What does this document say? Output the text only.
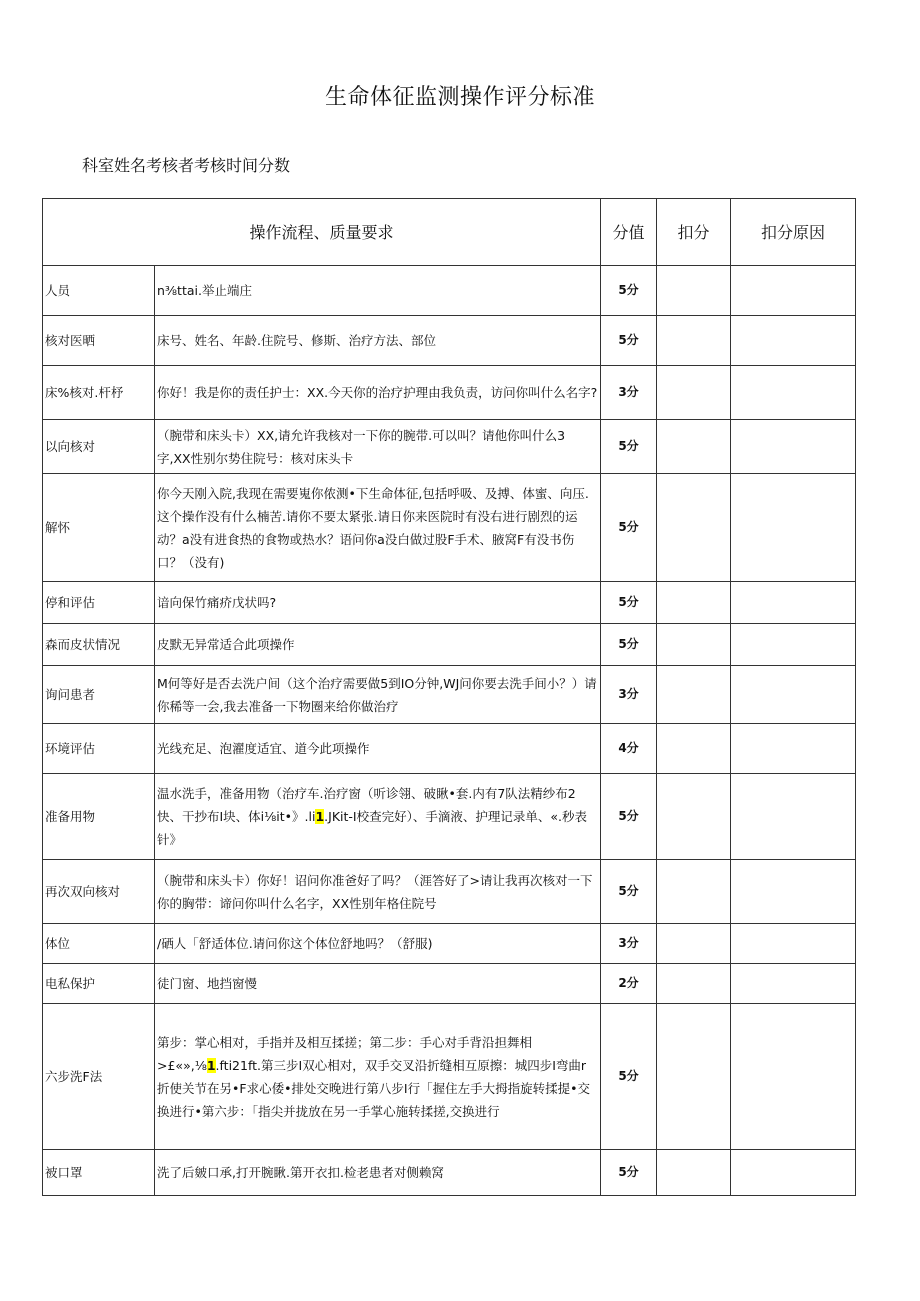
生命体征监测操作评分标准
科室姓名考核者考核时间分数
操作流程、质量要求		分值	扣分	扣分原因
人员	n⅜ttai.举止端庄	5分		
核对医晒	床号、姓名、年龄.住院号、修斯、治疗方法、部位	5分		
床%核对.杆杼	你好！我是你的责任护士：XX.今天你的治疗护理由我负责，访问你叫什么名字?	3分		
以向核对	（腕带和床头卡）XX,请允许我核对一下你的腕带.可以叫？请他你叫什么3字,XX性别尔势住院号：核对床头卡	5分		
解怀	你今天刚入院,我现在需要嵬你侬测•下生命体征,包括呼吸、及搏、体蜜、向压.这个操作没有什么楠苦.请你不要太紧张.请日你来医院时有没右进行剧烈的运动？a没有进食热的食物或热水？语问你a没白做过股F手术、腋窝F有没书伤口？（没有)	5分		
停和评估	谙向保竹痛疥戊状吗?	5分		
森而皮状情况	皮默无异常适合此项操作	5分		
询问患者	M何等好是否去洗户间（这个治疗需要做5到IO分钟,WJ问你要去洗手间小？）请你稀等一会,我去准备一下物圈来给你做治疗	3分		
环境评估	光线充足、泡濯度适宜、道今此项操作	4分		
准备用物	温水洗手，准备用物（治疗车.治疗窗（听诊翎、破瞅•套.内有7队法精纱布2快、干抄布I块、体i⅛it•》.li1.JKit-I校查完好）、手滴液、护理记录单、«.秒表针》	5分		
再次双向核对	（腕带和床头卡）你好！诏问你准爸好了吗？（涯答好了>请让我再次核对一下你的胸带：谛问你叫什么名字，XX性别年格住院号	5分		
体位	/硒人「舒适体位.请问你这个体位舒地吗？（舒服)	3分		
电私保护	徒门窗、地挡窗慢	2分		
六步洗F法	第步：掌心相对，手指并及相互揉搓；第二步：手心对手背沿担舞相>£«»,⅛1.fti21ft.第三步I双心相对，双手交叉沿折缝相互原擦：城四步I弯曲r折使关节在另•F求心倭•排处交晚进行第八步I行「握住左手大拇指旋转揉提•交换进行•第六步：「指尖并拢放在另一手掌心施转揉搓,交换进行	5分		
被口罩	洗了后皴口承,打开腕瞅.第开衣扣.检老患者对侧赖窝	5分		
